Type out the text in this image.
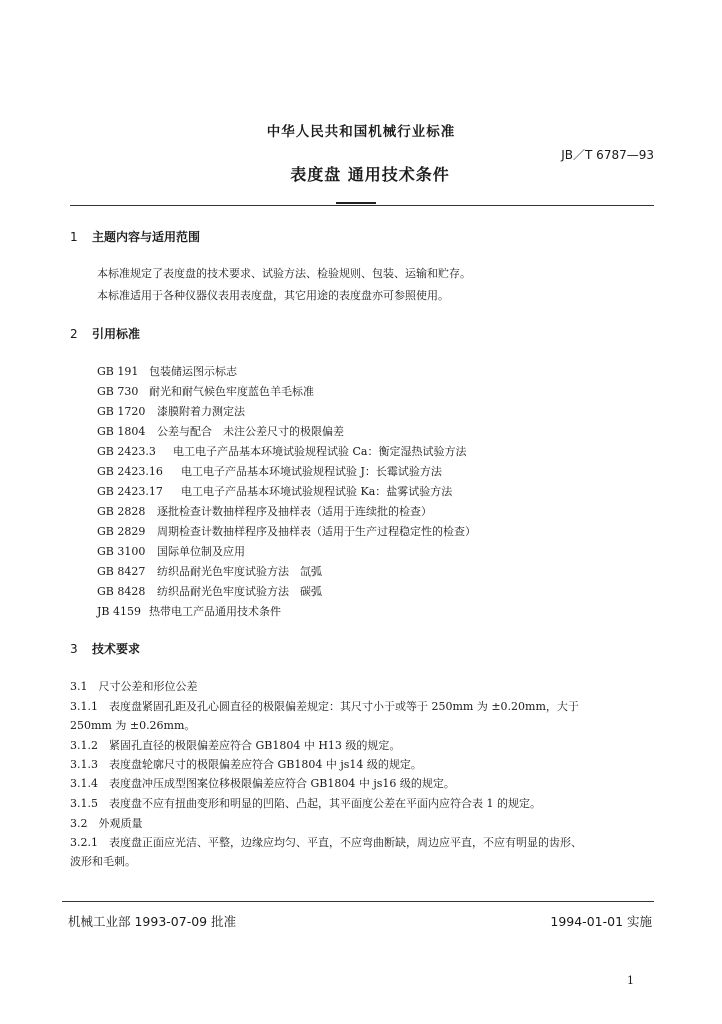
中华人民共和国机械行业标准
JB／T 6787—93
表度盘 通用技术条件
1 主题内容与适用范围
本标准规定了表度盘的技术要求、试验方法、检验规则、包装、运输和贮存。
本标准适用于各种仪器仪表用表度盘，其它用途的表度盘亦可参照使用。
2 引用标准
GB 191 包装储运图示标志
GB 730 耐光和耐气候色牢度蓝色羊毛标准
GB 1720 漆膜附着力测定法
GB 1804 公差与配合　未注公差尺寸的极限偏差
GB 2423.3 电工电子产品基本环境试验规程试验 Ca：衡定湿热试验方法
GB 2423.16 电工电子产品基本环境试验规程试验 J：长霉试验方法
GB 2423.17 电工电子产品基本环境试验规程试验 Ka：盐雾试验方法
GB 2828 逐批检查计数抽样程序及抽样表（适用于连续批的检查）
GB 2829 周期检查计数抽样程序及抽样表（适用于生产过程稳定性的检查）
GB 3100 国际单位制及应用
GB 8427 纺织品耐光色牢度试验方法　氙弧
GB 8428 纺织品耐光色牢度试验方法　碳弧
JB 4159 热带电工产品通用技术条件
3 技术要求
3.1　尺寸公差和形位公差
3.1.1　表度盘紧固孔距及孔心圆直径的极限偏差规定：其尺寸小于或等于 250mm 为 ±0.20mm，大于
250mm 为 ±0.26mm。
3.1.2　紧固孔直径的极限偏差应符合 GB1804 中 H13 级的规定。
3.1.3　表度盘轮廓尺寸的极限偏差应符合 GB1804 中 js14 级的规定。
3.1.4　表度盘冲压成型图案位移极限偏差应符合 GB1804 中 js16 级的规定。
3.1.5　表度盘不应有扭曲变形和明显的凹陷、凸起，其平面度公差在平面内应符合表 1 的规定。
3.2　外观质量
3.2.1　表度盘正面应光洁、平整，边缘应均匀、平直，不应弯曲断缺，周边应平直，不应有明显的齿形、
波形和毛刺。
机械工业部 1993-07-09 批准	1994-01-01 实施
1
